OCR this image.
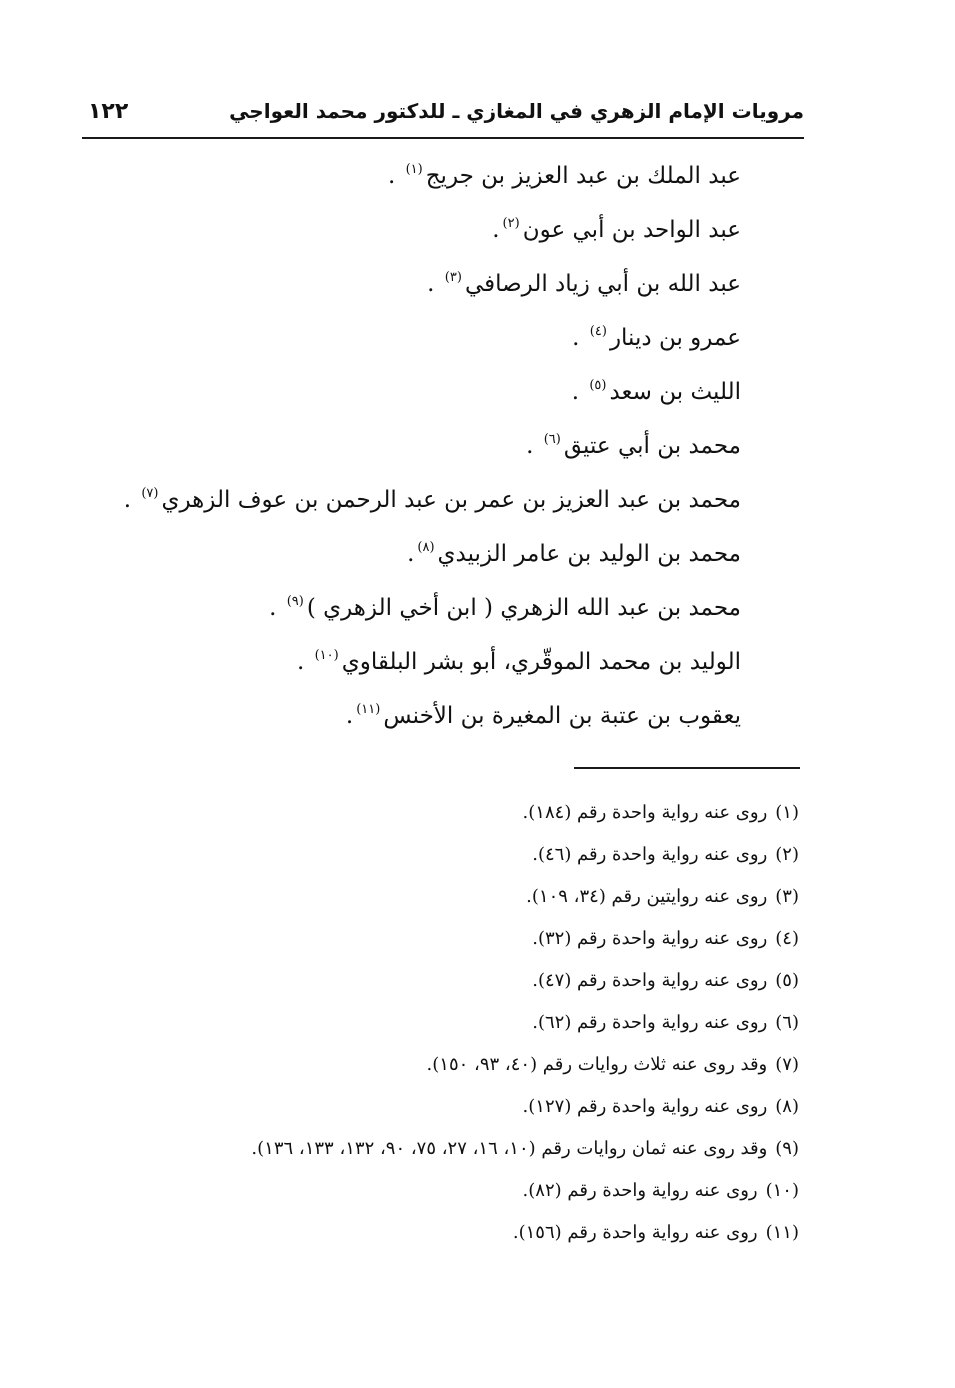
مرويات الإمام الزهري في المغازي ـ للدكتور محمد العواجي
١٢٢
عبد الملك بن عبد العزيز بن جريج$^{(١)}$ .
عبد الواحد بن أبي عون$^{(٢)}$.
عبد الله بن أبي زياد الرصافي$^{(٣)}$ .
عمرو بن دينار$^{(٤)}$ .
الليث بن سعد$^{(٥)}$ .
محمد بن أبي عتيق$^{(٦)}$ .
محمد بن عبد العزيز بن عمر بن عبد الرحمن بن عوف الزهري$^{(٧)}$ .
محمد بن الوليد بن عامر الزبيدي$^{(٨)}$.
محمد بن عبد الله الزهري ( ابن أخي الزهري )$^{(٩)}$ .
الوليد بن محمد الموقّري، أبو بشر البلقاوي$^{(١٠)}$ .
يعقوب بن عتبة بن المغيرة بن الأخنس$^{(١١)}$.
(١)روى عنه رواية واحدة رقم (١٨٤).
(٢)روى عنه رواية واحدة رقم (٤٦).
(٣)روى عنه روايتين رقم (٣٤، ١٠٩).
(٤)روى عنه رواية واحدة رقم (٣٢).
(٥)روى عنه رواية واحدة رقم (٤٧).
(٦)روى عنه رواية واحدة رقم (٦٢).
(٧)وقد روى عنه ثلاث روايات رقم (٤٠، ٩٣، ١٥٠).
(٨)روى عنه رواية واحدة رقم (١٢٧).
(٩)وقد روى عنه ثمان روايات رقم (١٠، ١٦، ٢٧، ٧٥، ٩٠، ١٣٢، ١٣٣، ١٣٦).
(١٠)روى عنه رواية واحدة رقم (٨٢).
(١١)روى عنه رواية واحدة رقم (١٥٦).
